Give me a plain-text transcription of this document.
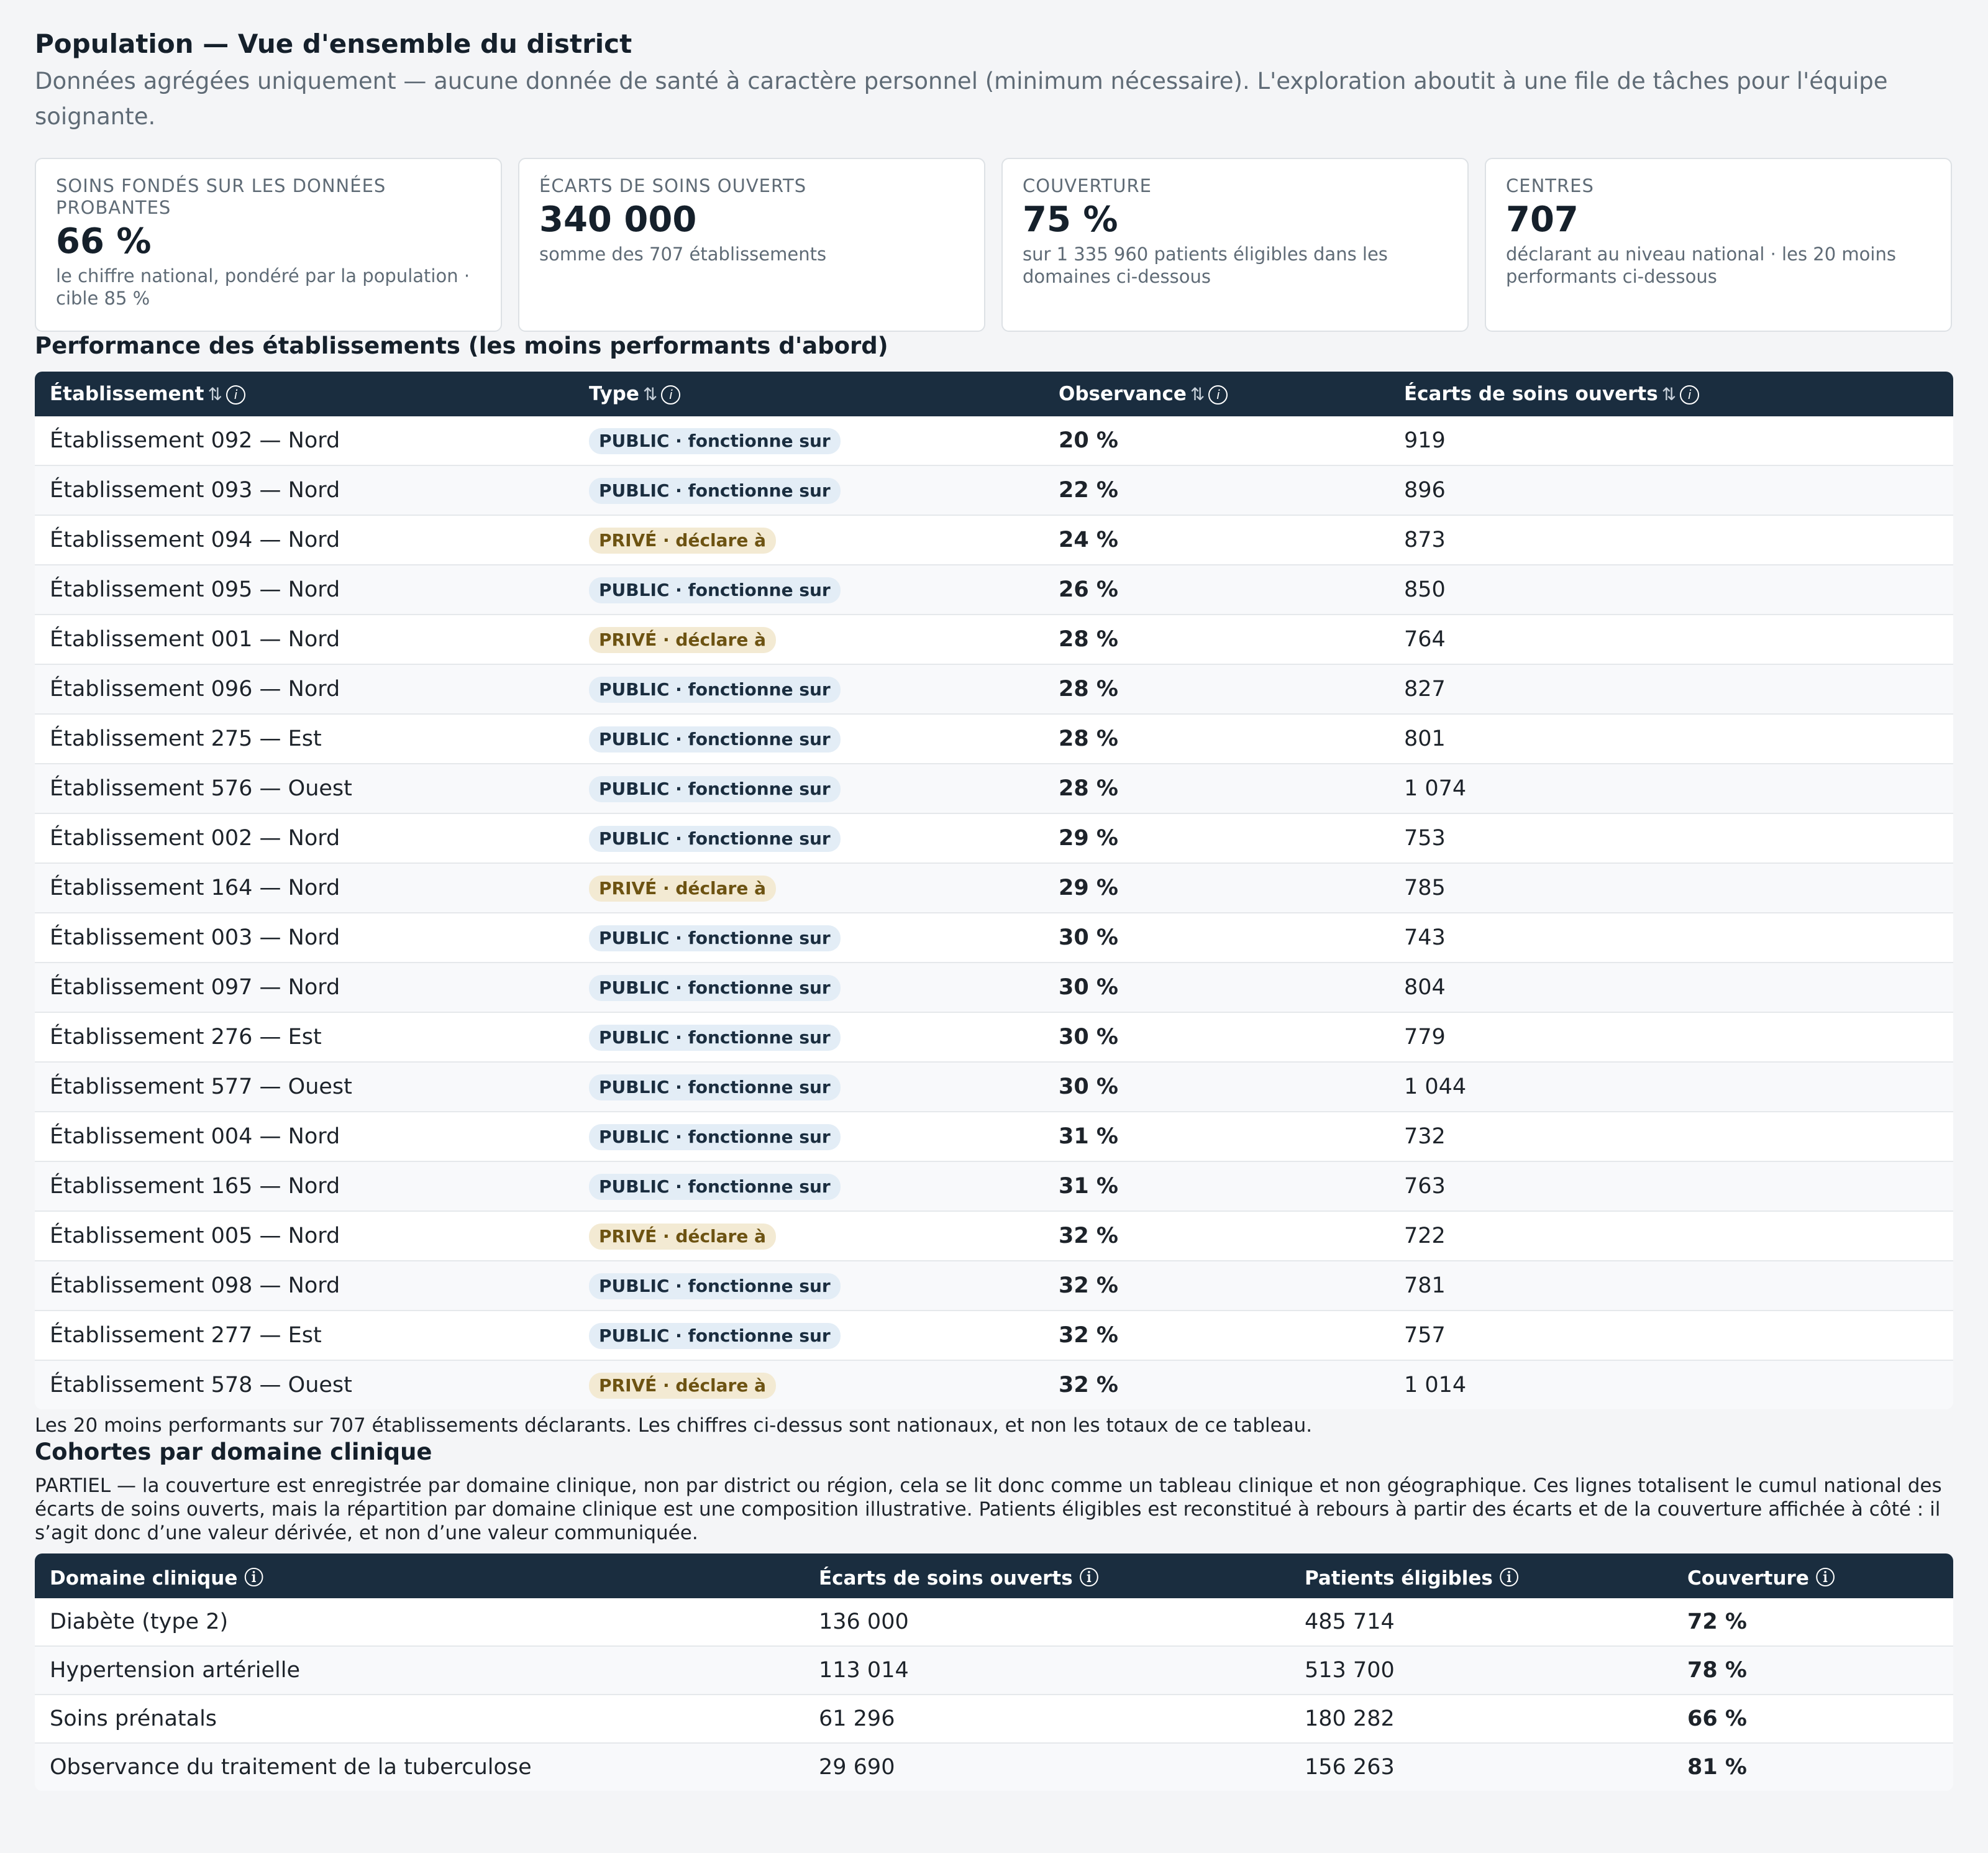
Population — Vue d'ensemble du district

Données agrégées uniquement — aucune donnée de santé à caractère personnel (minimum nécessaire). L'exploration aboutit à une file de tâches pour l'équipe soignante.

SOINS FONDÉS SUR LES DONNÉES PROBANTES
66 %
le chiffre national, pondéré par la population · cible 85 %
ÉCARTS DE SOINS OUVERTS
340 000
somme des 707 établissements
COUVERTURE
75 %
sur 1 335 960 patients éligibles dans les domaines ci-dessous
CENTRES
707
déclarant au niveau national · les 20 moins performants ci-dessous
Performance des établissements (les moins performants d'abord)
Établissement ⇅ i	Type ⇅ i	Observance ⇅ i	Écarts de soins ouverts ⇅ i
Établissement 092 — Nord	PUBLIC · fonctionne sur	20 %	919
Établissement 093 — Nord	PUBLIC · fonctionne sur	22 %	896
Établissement 094 — Nord	PRIVÉ · déclare à	24 %	873
Établissement 095 — Nord	PUBLIC · fonctionne sur	26 %	850
Établissement 001 — Nord	PRIVÉ · déclare à	28 %	764
Établissement 096 — Nord	PUBLIC · fonctionne sur	28 %	827
Établissement 275 — Est	PUBLIC · fonctionne sur	28 %	801
Établissement 576 — Ouest	PUBLIC · fonctionne sur	28 %	1 074
Établissement 002 — Nord	PUBLIC · fonctionne sur	29 %	753
Établissement 164 — Nord	PRIVÉ · déclare à	29 %	785
Établissement 003 — Nord	PUBLIC · fonctionne sur	30 %	743
Établissement 097 — Nord	PUBLIC · fonctionne sur	30 %	804
Établissement 276 — Est	PUBLIC · fonctionne sur	30 %	779
Établissement 577 — Ouest	PUBLIC · fonctionne sur	30 %	1 044
Établissement 004 — Nord	PUBLIC · fonctionne sur	31 %	732
Établissement 165 — Nord	PUBLIC · fonctionne sur	31 %	763
Établissement 005 — Nord	PRIVÉ · déclare à	32 %	722
Établissement 098 — Nord	PUBLIC · fonctionne sur	32 %	781
Établissement 277 — Est	PUBLIC · fonctionne sur	32 %	757
Établissement 578 — Ouest	PRIVÉ · déclare à	32 %	1 014
Les 20 moins performants sur 707 établissements déclarants. Les chiffres ci-dessus sont nationaux, et non les totaux de ce tableau.
Cohortes par domaine clinique
PARTIEL — la couverture est enregistrée par domaine clinique, non par district ou région, cela se lit donc comme un tableau clinique et non géographique. Ces lignes totalisent le cumul national des écarts de soins ouverts, mais la répartition par domaine clinique est une composition illustrative. Patients éligibles est reconstitué à rebours à partir des écarts et de la couverture affichée à côté : il s’agit donc d’une valeur dérivée, et non d’une valeur communiquée.
Domaine clinique ⓘ	Écarts de soins ouverts ⓘ	Patients éligibles ⓘ	Couverture ⓘ
Diabète (type 2)	136 000	485 714	72 %
Hypertension artérielle	113 014	513 700	78 %
Soins prénatals	61 296	180 282	66 %
Observance du traitement de la tuberculose	29 690	156 263	81 %
